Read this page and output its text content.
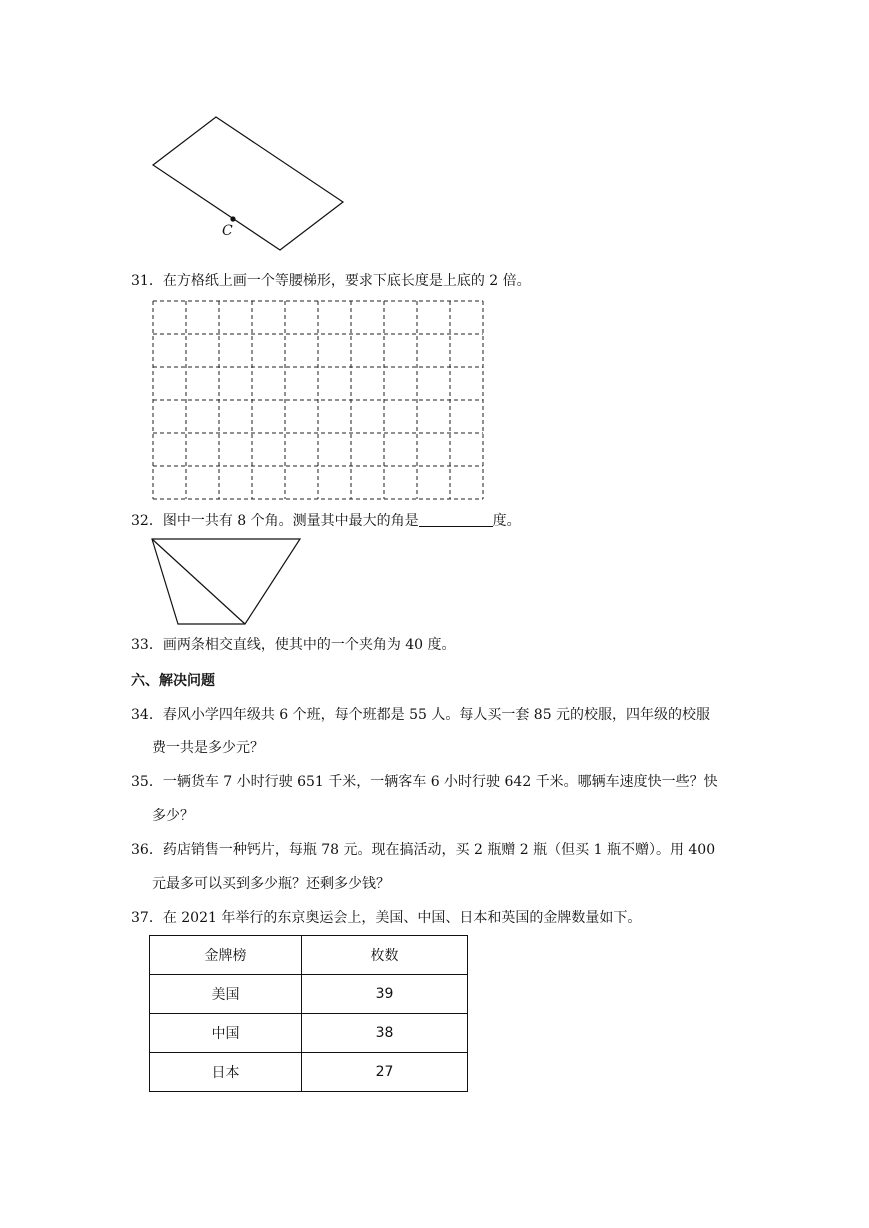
C
31．在方格纸上画一个等腰梯形，要求下底长度是上底的 2 倍。
32．图中一共有 8 个角。测量其中最大的角是	度。
33．画两条相交直线，使其中的一个夹角为 40 度。
六、解决问题
34．春风小学四年级共 6 个班，每个班都是 55 人。每人买一套 85 元的校服，四年级的校服
费一共是多少元？
35．一辆货车 7 小时行驶 651 千米，一辆客车 6 小时行驶 642 千米。哪辆车速度快一些？快
多少？
36．药店销售一种钙片，每瓶 78 元。现在搞活动，买 2 瓶赠 2 瓶（但买 1 瓶不赠）。用 400
元最多可以买到多少瓶？还剩多少钱？
37．在 2021 年举行的东京奥运会上，美国、中国、日本和英国的金牌数量如下。
金牌榜	枚数
美国	39
中国	38
日本	27
